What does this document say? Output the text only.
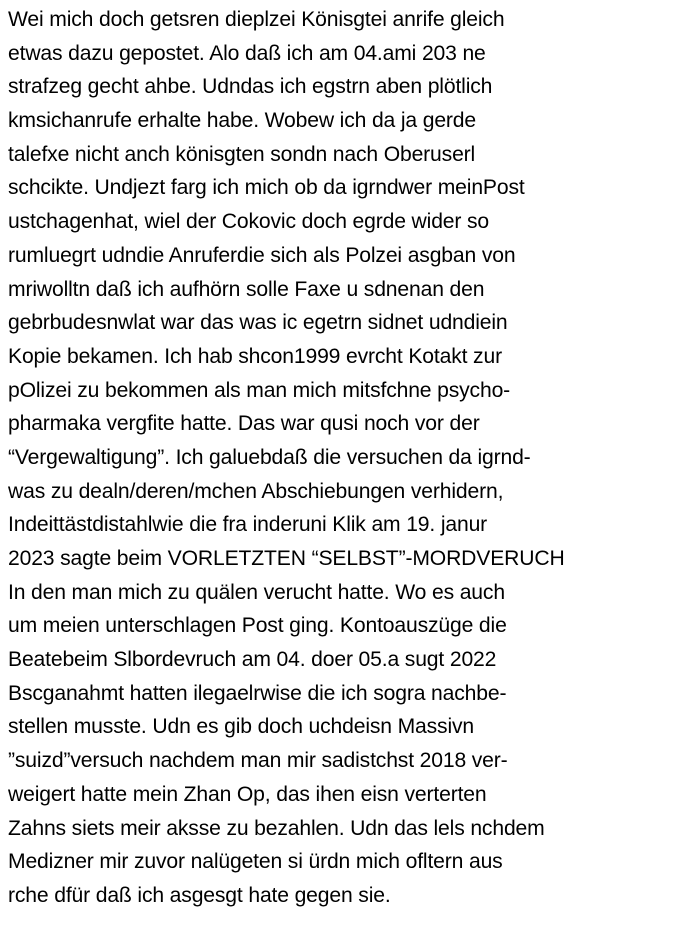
Wei mich doch getsren dieplzei Könisgtei anrife gleich
etwas dazu gepostet. Alo daß ich am 04.ami 203 ne
strafzeg gecht ahbe. Udndas ich egstrn aben plötlich
kmsichanrufe erhalte habe. Wobew ich da ja gerde
talefxe nicht anch könisgten sondn nach Oberuserl
schcikte. Undjezt farg ich mich ob da igrndwer meinPost
ustchagenhat, wiel der Cokovic doch egrde wider so
rumluegrt udndie Anruferdie sich als Polzei asgban von
mriwolltn daß ich aufhörn solle Faxe u sdnenan den
gebrbudesnwlat war das was ic egetrn sidnet udndiein
Kopie bekamen. Ich hab shcon1999 evrcht Kotakt zur
pOlizei zu bekommen als man mich mitsfchne psycho-
pharmaka vergfite hatte. Das war qusi noch vor der
“Vergewaltigung”. Ich galuebdaß die versuchen da igrnd-
was zu dealn/deren/mchen Abschiebungen verhidern,
Indeittästdistahlwie die fra inderuni Klik am 19. janur
2023 sagte beim VORLETZTEN “SELBST”-MORDVERUCH
In den man mich zu quälen verucht hatte. Wo es auch
um meien unterschlagen Post ging. Kontoauszüge die
Beatebeim Slbordevruch am 04. doer 05.a sugt 2022
Bscganahmt hatten ilegaelrwise die ich sogra nachbe-
stellen musste. Udn es gib doch uchdeisn Massivn
”suizd”versuch nachdem man mir sadistchst 2018 ver-
weigert hatte mein Zhan Op, das ihen eisn verterten
Zahns siets meir aksse zu bezahlen. Udn das lels nchdem
Medizner mir zuvor nalügeten si ürdn mich ofltern aus
rche dfür daß ich asgesgt hate gegen sie.
